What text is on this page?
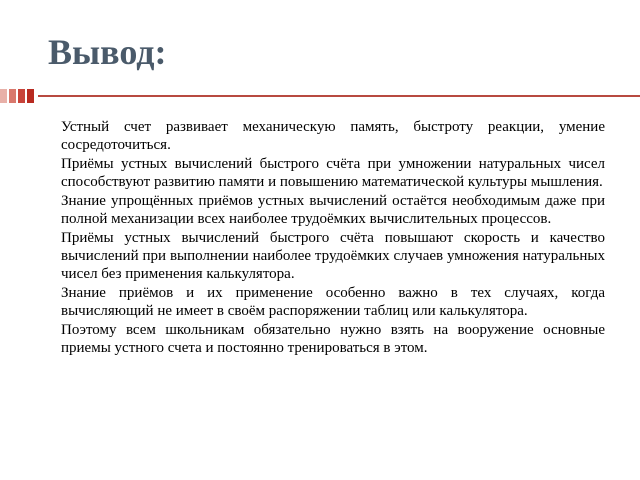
Вывод:

Устный счет развивает механическую память, быстроту реакции, умение сосредоточиться.

Приёмы устных вычислений быстрого счёта при умножении натуральных чисел способствуют развитию памяти и повышению математической культуры мышления.

Знание упрощённых приёмов устных вычислений остаётся необходимым даже при полной механизации всех наиболее трудоёмких вычислительных процессов.

Приёмы устных вычислений быстрого счёта повышают скорость и качество вычислений при выполнении наиболее трудоёмких случаев умножения натуральных чисел без применения калькулятора.

Знание приёмов и их применение особенно важно в тех случаях, когда вычисляющий не имеет в своём распоряжении таблиц или калькулятора.

Поэтому всем школьникам обязательно нужно взять на вооружение основные приемы устного счета и постоянно тренироваться в этом.
